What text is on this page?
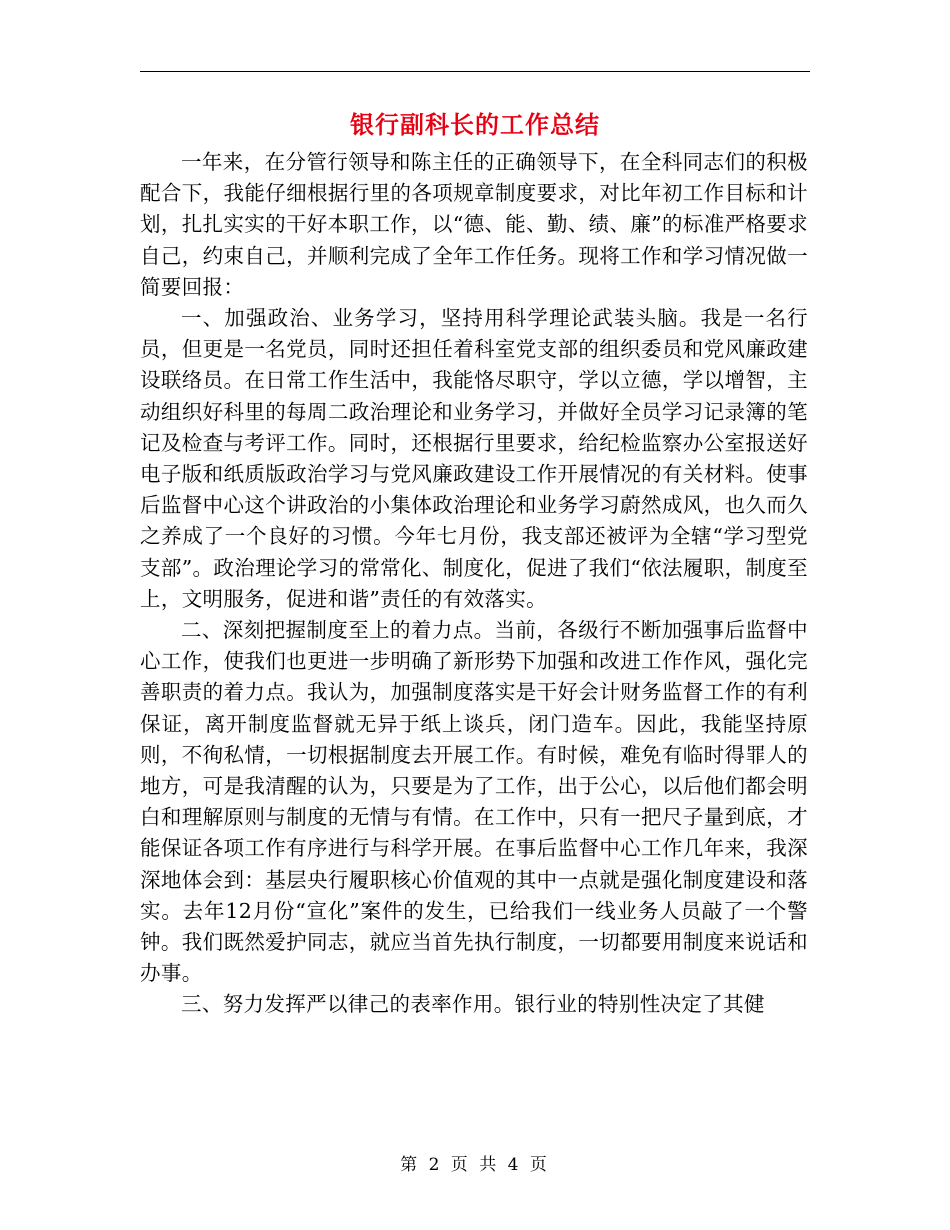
银行副科长的工作总结

一年来，在分管行领导和陈主任的正确领导下，在全科同志们的积极配合下，我能仔细根据行里的各项规章制度要求，对比年初工作目标和计划，扎扎实实的干好本职工作，以“德、能、勤、绩、廉”的标准严格要求自己，约束自己，并顺利完成了全年工作任务。现将工作和学习情况做一简要回报：

一、加强政治、业务学习，坚持用科学理论武装头脑。我是一名行员，但更是一名党员，同时还担任着科室党支部的组织委员和党风廉政建设联络员。在日常工作生活中，我能恪尽职守，学以立德，学以增智，主动组织好科里的每周二政治理论和业务学习，并做好全员学习记录簿的笔记及检查与考评工作。同时，还根据行里要求，给纪检监察办公室报送好电子版和纸质版政治学习与党风廉政建设工作开展情况的有关材料。使事后监督中心这个讲政治的小集体政治理论和业务学习蔚然成风，也久而久之养成了一个良好的习惯。今年七月份，我支部还被评为全辖“学习型党支部”。政治理论学习的常常化、制度化，促进了我们“依法履职，制度至上，文明服务，促进和谐”责任的有效落实。

二、深刻把握制度至上的着力点。当前，各级行不断加强事后监督中心工作，使我们也更进一步明确了新形势下加强和改进工作作风，强化完善职责的着力点。我认为，加强制度落实是干好会计财务监督工作的有利保证，离开制度监督就无异于纸上谈兵，闭门造车。因此，我能坚持原则，不徇私情，一切根据制度去开展工作。有时候，难免有临时得罪人的地方，可是我清醒的认为，只要是为了工作，出于公心，以后他们都会明白和理解原则与制度的无情与有情。在工作中，只有一把尺子量到底，才能保证各项工作有序进行与科学开展。在事后监督中心工作几年来，我深深地体会到：基层央行履职核心价值观的其中一点就是强化制度建设和落实。去年12月份“宣化”案件的发生，已给我们一线业务人员敲了一个警钟。我们既然爱护同志，就应当首先执行制度，一切都要用制度来说话和办事。

三、努力发挥严以律己的表率作用。银行业的特别性决定了其健

第 2 页 共 4 页
